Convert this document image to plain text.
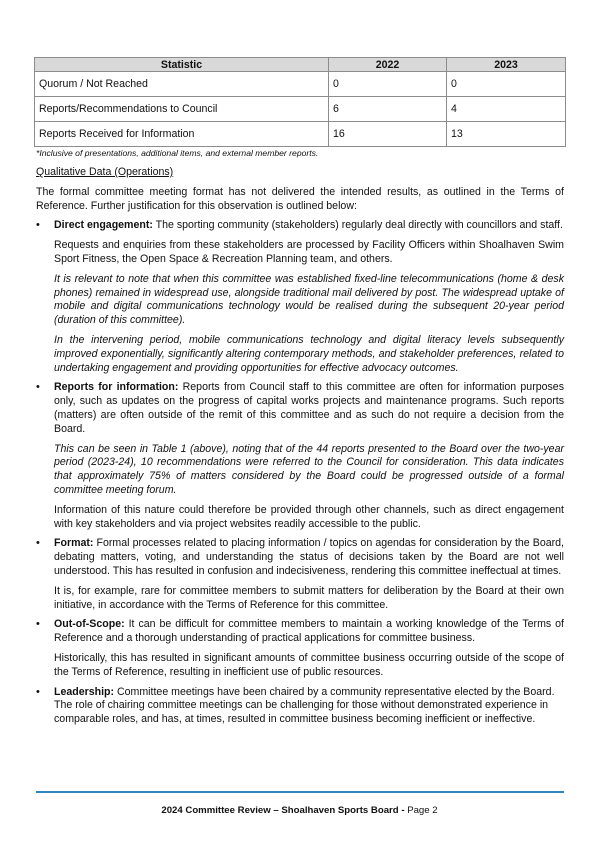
Statistic	2022	2023
Quorum / Not Reached	0	0
Reports/Recommendations to Council	6	4
Reports Received for Information	16	13
*Inclusive of presentations, additional items, and external member reports.

Qualitative Data (Operations)

The formal committee meeting format has not delivered the intended results, as outlined in the Terms of Reference. Further justification for this observation is outlined below:

• Direct engagement: The sporting community (stakeholders) regularly deal directly with councillors and staff.

Requests and enquiries from these stakeholders are processed by Facility Officers within Shoalhaven Swim Sport Fitness, the Open Space & Recreation Planning team, and others.

It is relevant to note that when this committee was established fixed-line telecommunications (home & desk phones) remained in widespread use, alongside traditional mail delivered by post. The widespread uptake of mobile and digital communications technology would be realised during the subsequent 20-year period (duration of this committee).

In the intervening period, mobile communications technology and digital literacy levels subsequently improved exponentially, significantly altering contemporary methods, and stakeholder preferences, related to undertaking engagement and providing opportunities for effective advocacy outcomes.

• Reports for information: Reports from Council staff to this committee are often for information purposes only, such as updates on the progress of capital works projects and maintenance programs. Such reports (matters) are often outside of the remit of this committee and as such do not require a decision from the Board.

This can be seen in Table 1 (above), noting that of the 44 reports presented to the Board over the two-year period (2023-24), 10 recommendations were referred to the Council for consideration. This data indicates that approximately 75% of matters considered by the Board could be progressed outside of a formal committee meeting forum.

Information of this nature could therefore be provided through other channels, such as direct engagement with key stakeholders and via project websites readily accessible to the public.

• Format: Formal processes related to placing information / topics on agendas for consideration by the Board, debating matters, voting, and understanding the status of decisions taken by the Board are not well understood. This has resulted in confusion and indecisiveness, rendering this committee ineffectual at times.

It is, for example, rare for committee members to submit matters for deliberation by the Board at their own initiative, in accordance with the Terms of Reference for this committee.

• Out-of-Scope: It can be difficult for committee members to maintain a working knowledge of the Terms of Reference and a thorough understanding of practical applications for committee business.

Historically, this has resulted in significant amounts of committee business occurring outside of the scope of the Terms of Reference, resulting in inefficient use of public resources.

• Leadership: Committee meetings have been chaired by a community representative elected by the Board. The role of chairing committee meetings can be challenging for those without demonstrated experience in comparable roles, and has, at times, resulted in committee business becoming inefficient or ineffective.

2024 Committee Review – Shoalhaven Sports Board - Page 2
